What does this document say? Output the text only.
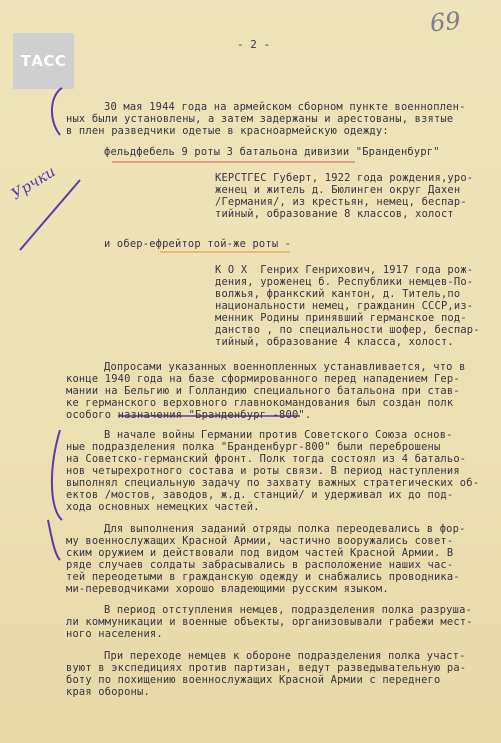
ТАСС
69
- 2 -
Урчки
30 мая 1944 года на армейском сборном пункте военноплен-
ных были установлены, а затем задержаны и арестованы, взятые
в плен разведчики одетые в красноармейскую одежду:
фельдфебель 9 роты 3 батальона дивизии "Бранденбург"
КЕРСТГЕС Губерт, 1922 года рождения,уро-
женец и житель д. Бюлинген округ Дахен
/Германия/, из крестьян, немец, беспар-
тийный, образование 8 классов, холост
и обер-ефрейтор той-же роты -
К О Х  Генрих Генрихович, 1917 года рож-
дения, уроженец б. Республики немцев-По-
волжья, франкский кантон, д. Титель,по
национальности немец, гражданин СССР,из-
менник Родины принявший германское под-
данство , по специальности шофер, беспар-
тийный, образование 4 класса, холост.
Допросами указанных военнопленных устанавливается, что в
конце 1940 года на базе сформированного перед нападением Гер-
мании на Бельгию и Голландию специального батальона при став-
ке германского верховного главнокомандования был создан полк
особого назначения "Бранденбург -800".
В начале войны Германии против Советского Союза основ-
ные подразделения полка "Бранденбург-800" были переброшены
на Советско-германский фронт. Полк тогда состоял из 4 батальо-
нов четырехротного состава и роты связи. В период наступления
выполнял специальную задачу по захвату важных стратегических об-
ектов /мостов, заводов, ж.д. станций/ и удерживал их до под-
хода основных немецких частей.
Для выполнения заданий отряды полка переодевались в фор-
му военнослужащих Красной Армии, частично вооружались совет-
ским оружием и действовали под видом частей Красной Армии. В
ряде случаев солдаты забрасывались в расположение наших час-
тей переодетыми в гражданскую одежду и снабжались проводника-
ми-переводчиками хорошо владеющими русским языком.
В период отступления немцев, подразделения полка разруша-
ли коммуникации и военные объекты, организовывали грабежи мест-
ного населения.
При переходе немцев к обороне подразделения полка участ-
вуют в экспедициях против партизан, ведут разведывательную ра-
боту по похищению военнослужащих Красной Армии с переднего
края обороны.
